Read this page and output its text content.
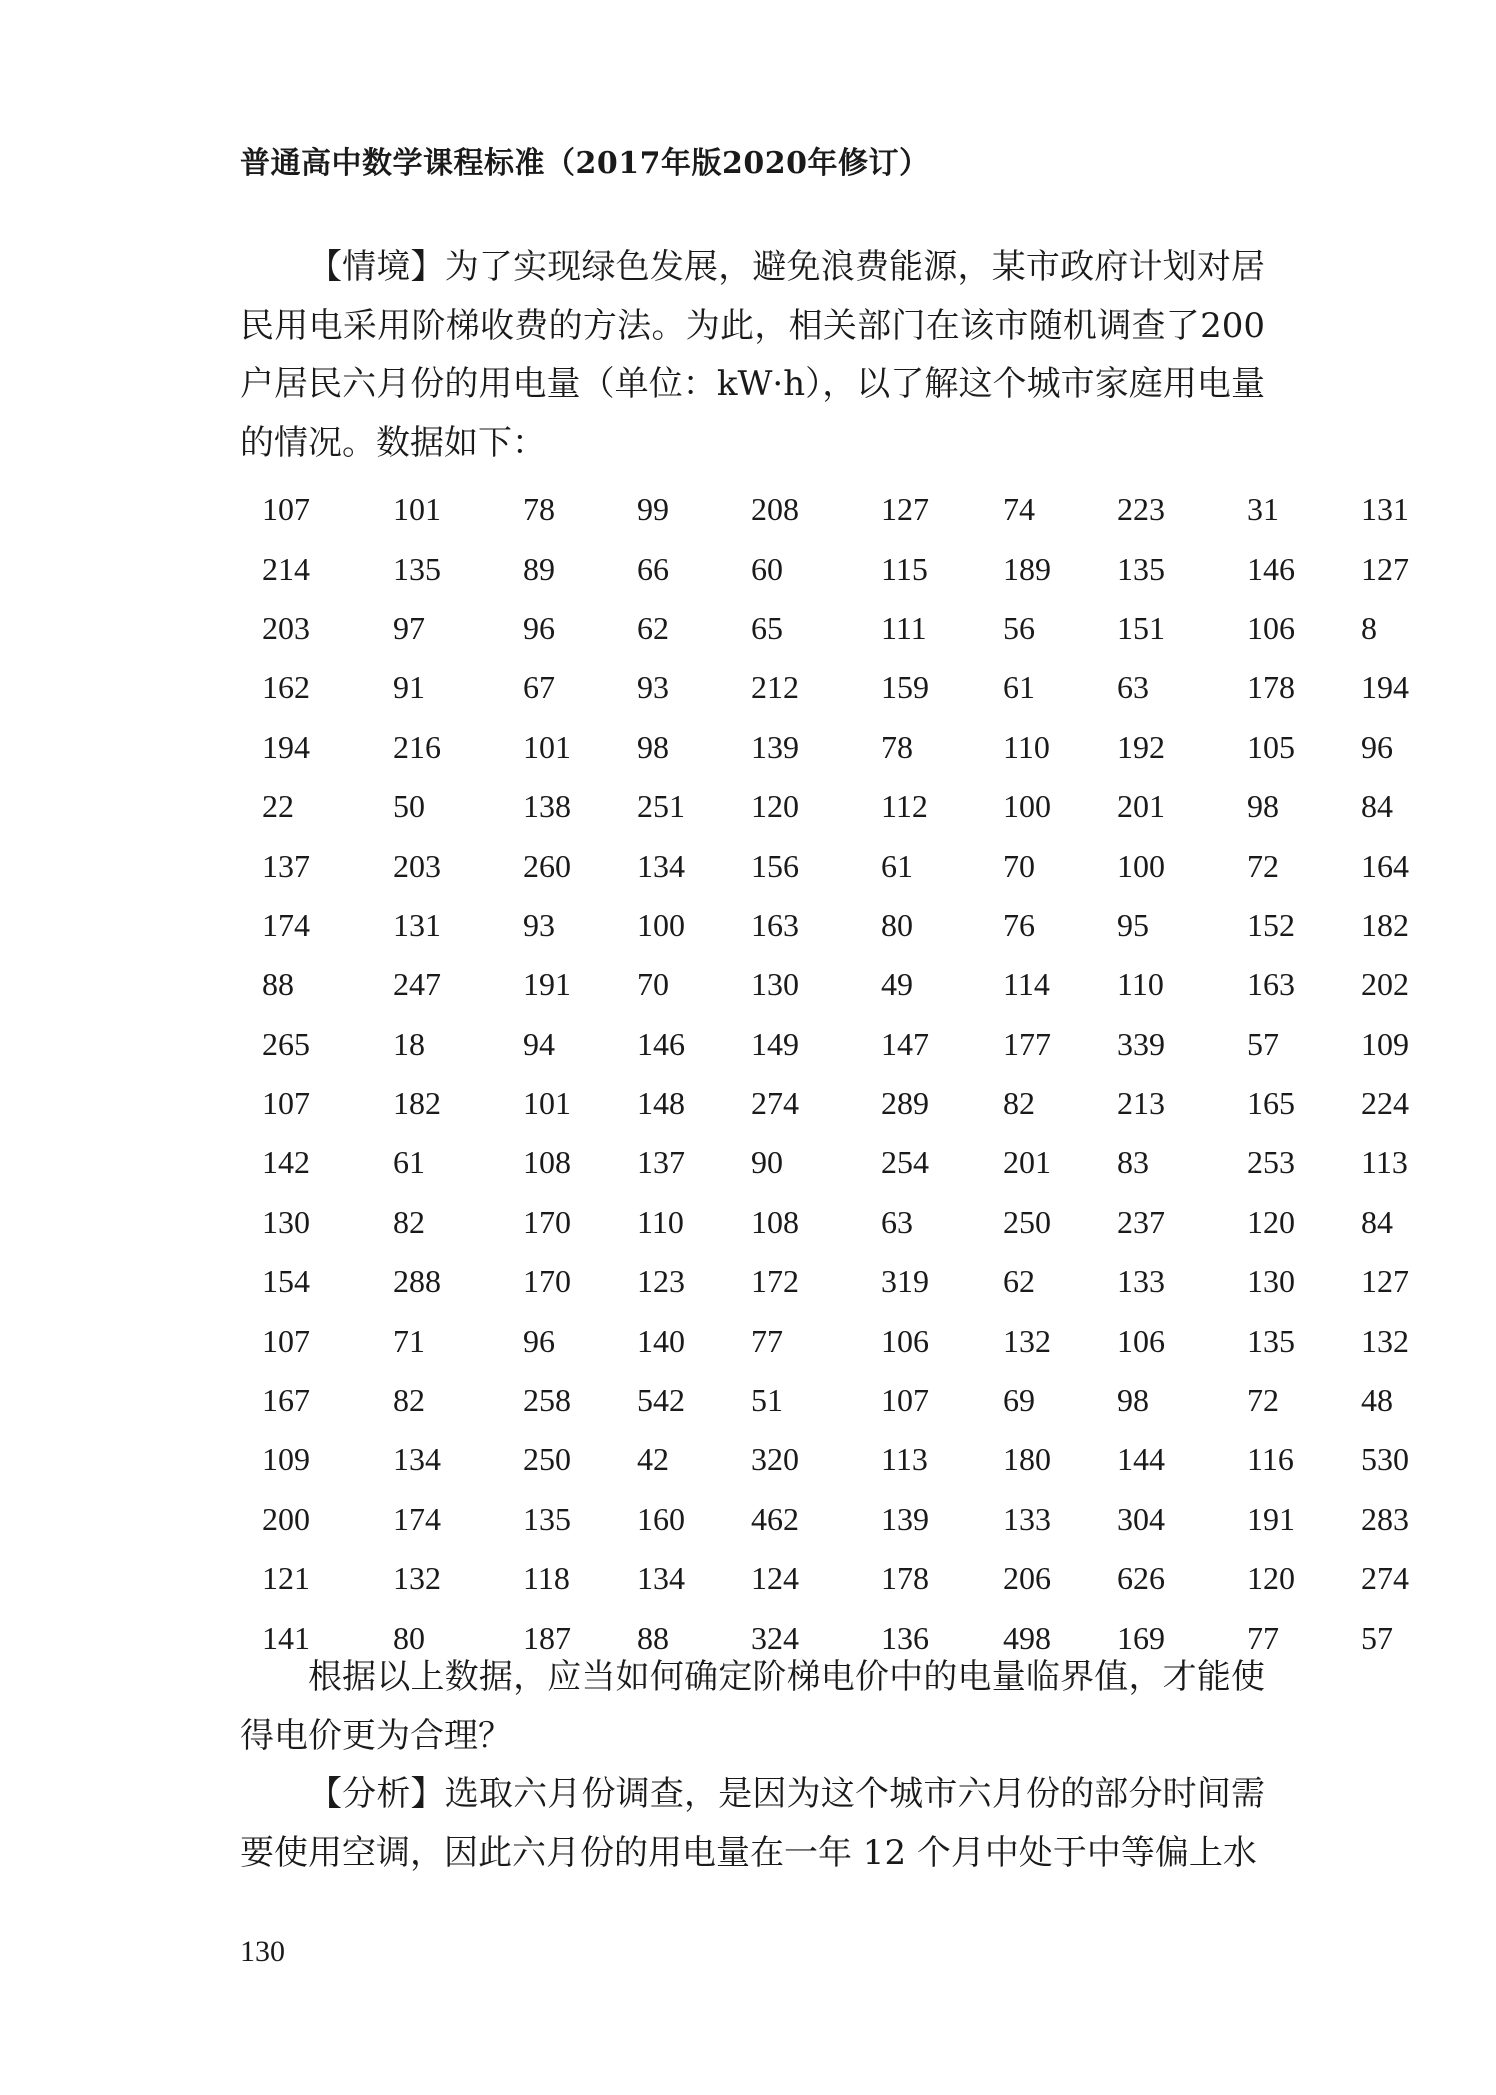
普通高中数学课程标准（2017年版2020年修订）
【情境】为了实现绿色发展，避免浪费能源，某市政府计划对居民用电采用阶梯收费的方法。为此，相关部门在该市随机调查了200户居民六月份的用电量（单位：kW·h），以了解这个城市家庭用电量的情况。数据如下：
107	101	78	99	208	127	74	223	31	131
214	135	89	66	60	115	189	135	146	127
203	97	96	62	65	111	56	151	106	8
162	91	67	93	212	159	61	63	178	194
194	216	101	98	139	78	110	192	105	96
22	50	138	251	120	112	100	201	98	84
137	203	260	134	156	61	70	100	72	164
174	131	93	100	163	80	76	95	152	182
88	247	191	70	130	49	114	110	163	202
265	18	94	146	149	147	177	339	57	109
107	182	101	148	274	289	82	213	165	224
142	61	108	137	90	254	201	83	253	113
130	82	170	110	108	63	250	237	120	84
154	288	170	123	172	319	62	133	130	127
107	71	96	140	77	106	132	106	135	132
167	82	258	542	51	107	69	98	72	48
109	134	250	42	320	113	180	144	116	530
200	174	135	160	462	139	133	304	191	283
121	132	118	134	124	178	206	626	120	274
141	80	187	88	324	136	498	169	77	57
根据以上数据，应当如何确定阶梯电价中的电量临界值，才能使得电价更为合理？
【分析】选取六月份调查，是因为这个城市六月份的部分时间需要使用空调，因此六月份的用电量在一年 12 个月中处于中等偏上水
130
